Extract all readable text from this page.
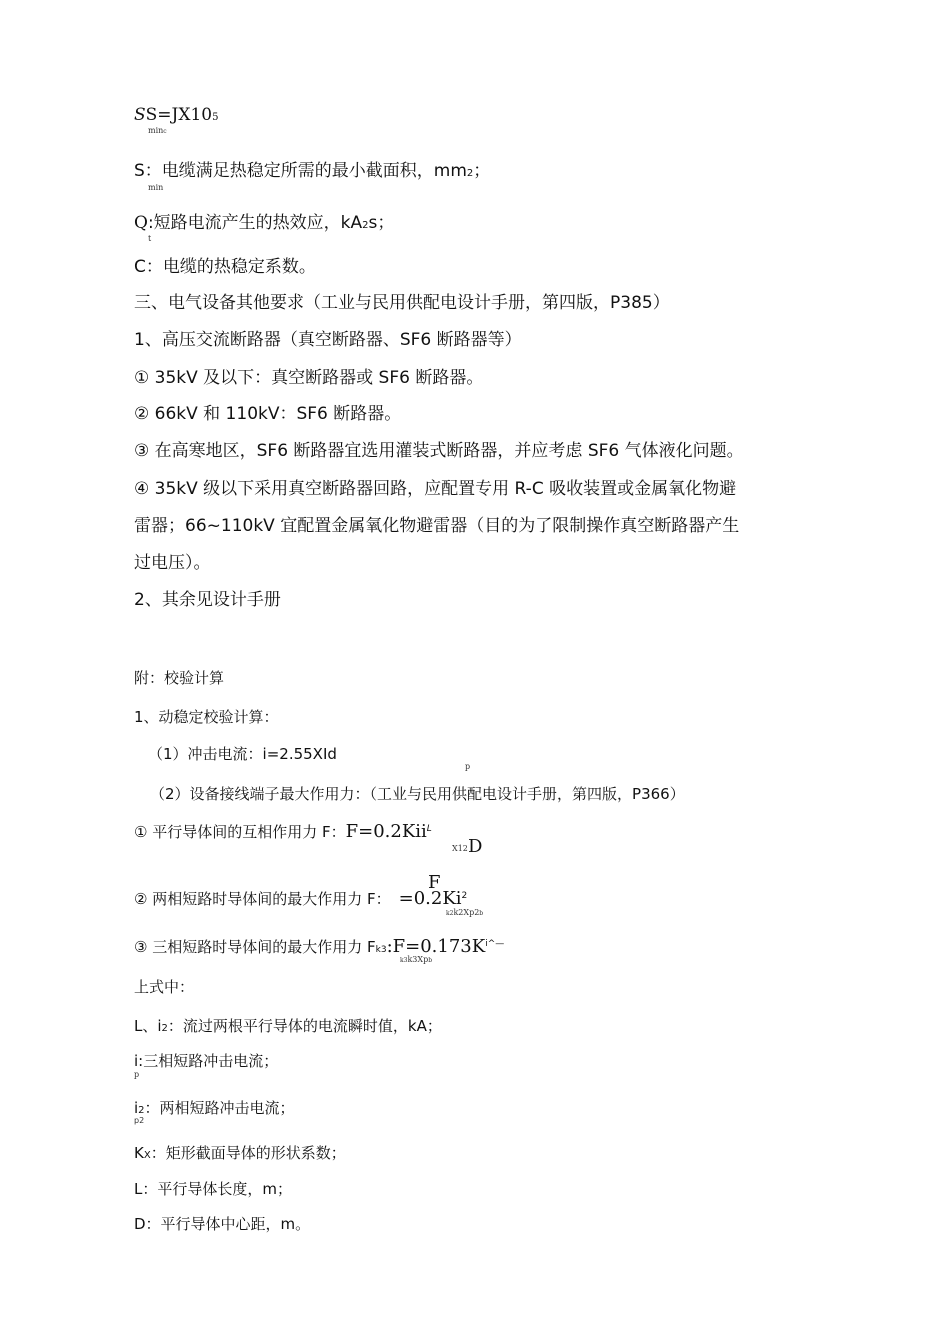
SS=JX105
minc
S：电缆满足热稳定所需的最小截面积，mm2；
min
Q:短路电流产生的热效应，kA2s；
t
C：电缆的热稳定系数。
三、电气设备其他要求（工业与民用供配电设计手册，第四版，P385）
1、高压交流断路器（真空断路器、SF6 断路器等）
① 35kV 及以下：真空断路器或 SF6 断路器。
② 66kV 和 110kV：SF6 断路器。
③ 在高寒地区，SF6 断路器宜选用灌装式断路器，并应考虑 SF6 气体液化问题。
④ 35kV 级以下采用真空断路器回路，应配置专用 R-C 吸收装置或金属氧化物避
雷器；66~110kV 宜配置金属氧化物避雷器（目的为了限制操作真空断路器产生
过电压）。
2、其余见设计手册
附：校验计算
1、动稳定校验计算：
（1）冲击电流：i=2.55XId
p
（2）设备接线端子最大作用力：（工业与民用供配电设计手册，第四版，P366）
① 平行导体间的互相作用力 F：F=0.2Kii$^L$
X12 D
F
② 两相短路时导体间的最大作用力 F： $=0.2Ki^2$
k2k2Xp2b
③ 三相短路时导体间的最大作用力 $Fk3:F=0.173K^{i\^{}—}$
k3k3Xpb
上式中：
L、i2：流过两根平行导体的电流瞬时值，kA；
i:三相短路冲击电流；
p
i2：两相短路冲击电流；
p2
KX：矩形截面导体的形状系数；
L：平行导体长度，m；
D：平行导体中心距，m。
